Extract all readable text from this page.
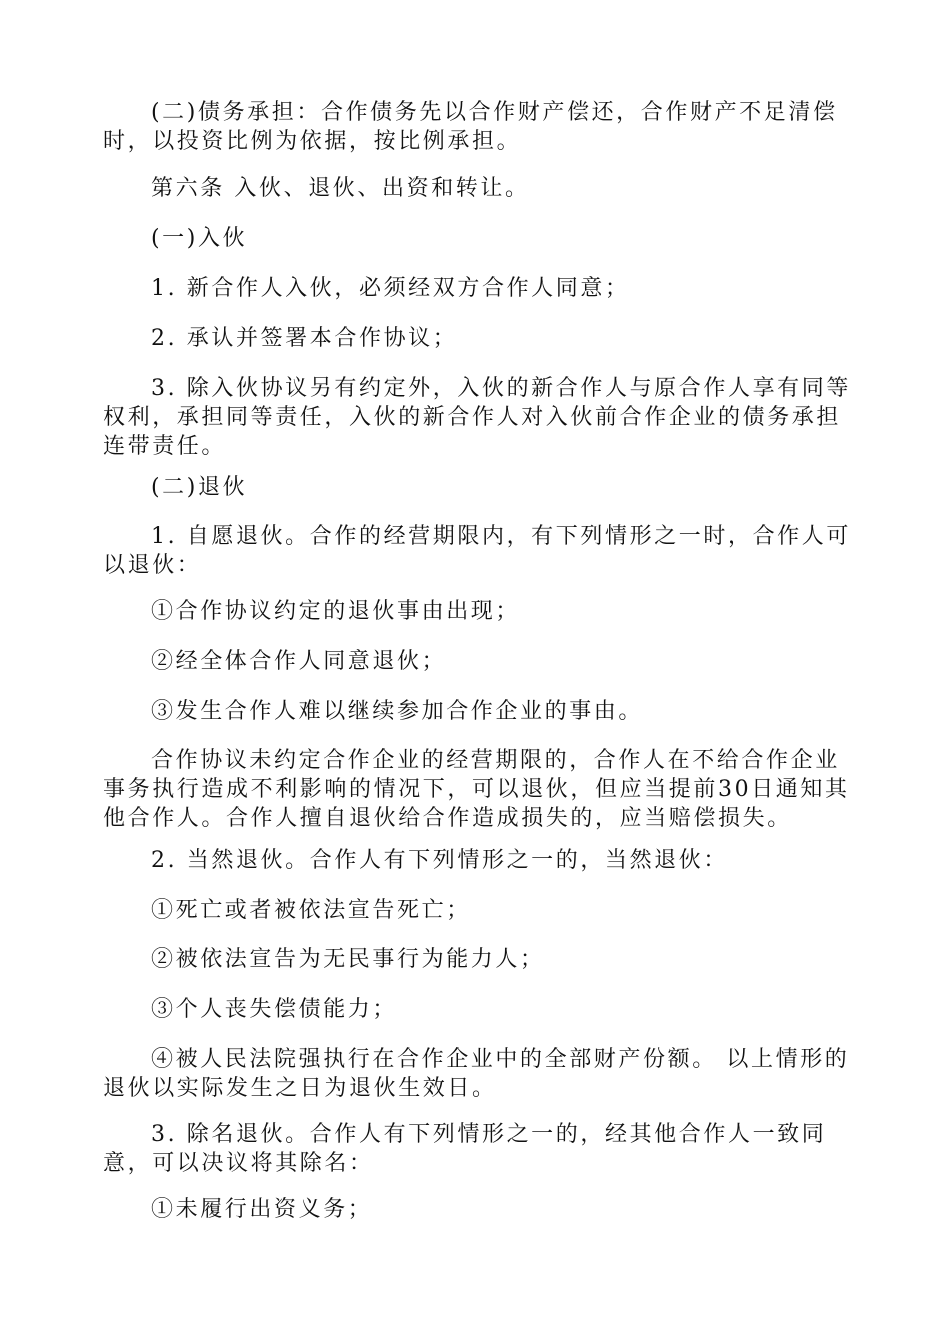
(二)债务承担：合作债务先以合作财产偿还，合作财产不足清偿时，以投资比例为依据，按比例承担。

第六条 入伙、退伙、出资和转让。

(一)入伙

1. 新合作人入伙，必须经双方合作人同意；

2. 承认并签署本合作协议；

3. 除入伙协议另有约定外，入伙的新合作人与原合作人享有同等权利，承担同等责任，入伙的新合作人对入伙前合作企业的债务承担连带责任。

(二)退伙

1. 自愿退伙。合作的经营期限内，有下列情形之一时，合作人可以退伙：

①合作协议约定的退伙事由出现；

②经全体合作人同意退伙；

③发生合作人难以继续参加合作企业的事由。

合作协议未约定合作企业的经营期限的，合作人在不给合作企业事务执行造成不利影响的情况下，可以退伙，但应当提前30日通知其他合作人。合作人擅自退伙给合作造成损失的，应当赔偿损失。

2. 当然退伙。合作人有下列情形之一的，当然退伙：

①死亡或者被依法宣告死亡；

②被依法宣告为无民事行为能力人；

③个人丧失偿债能力；

④被人民法院强执行在合作企业中的全部财产份额。 以上情形的退伙以实际发生之日为退伙生效日。

3. 除名退伙。合作人有下列情形之一的，经其他合作人一致同意，可以决议将其除名：

①未履行出资义务；
